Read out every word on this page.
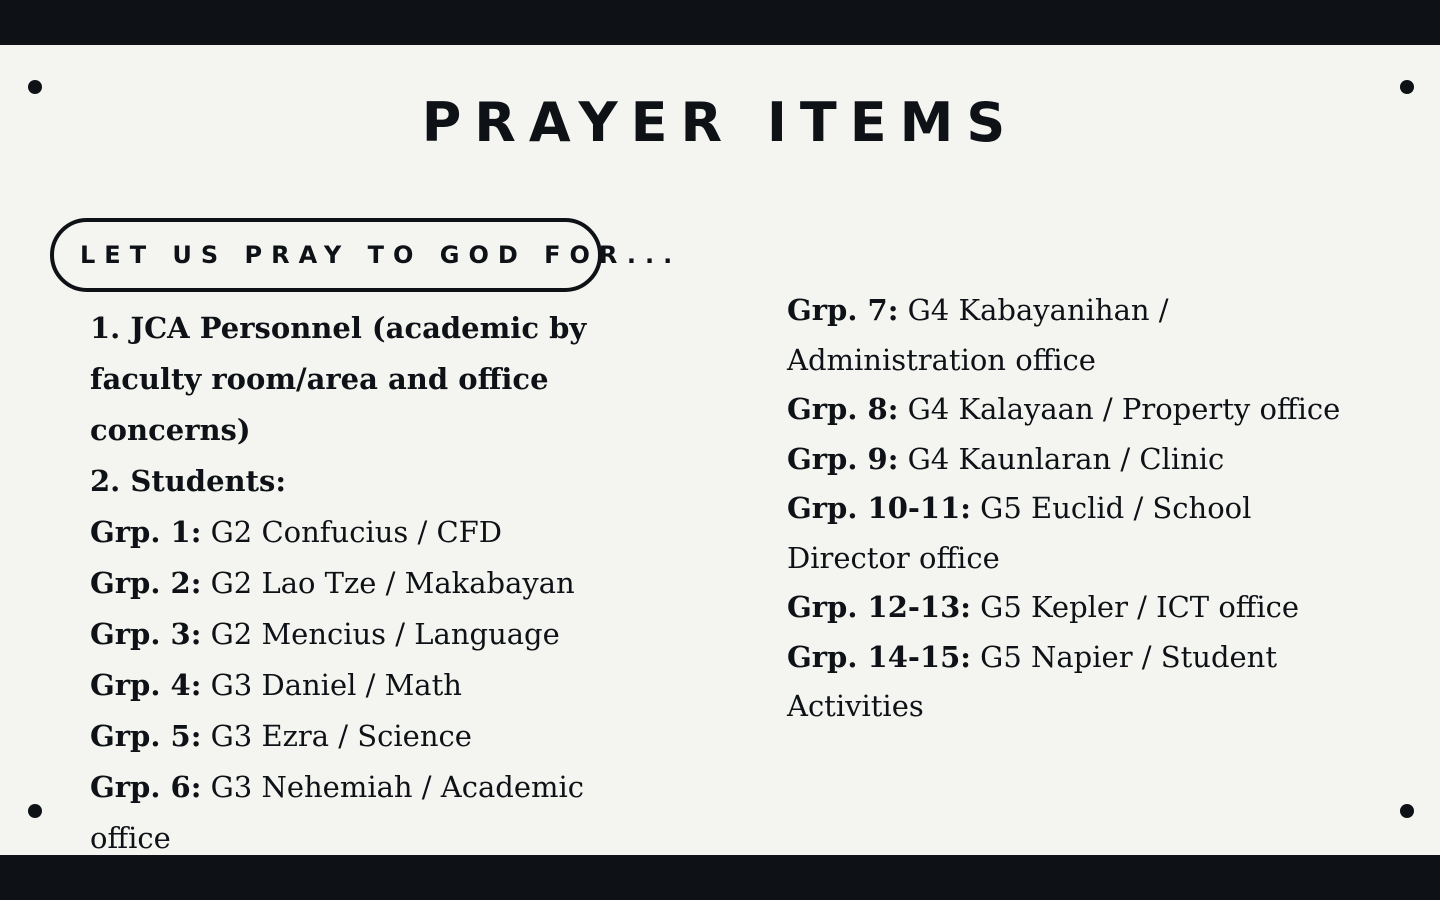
PRAYER ITEMS
LET US PRAY TO GOD FOR...

1. JCA Personnel (academic by faculty room/area and office concerns)

2. Students:

Grp. 1: G2 Confucius / CFD

Grp. 2: G2 Lao Tze / Makabayan

Grp. 3: G2 Mencius / Language

Grp. 4: G3 Daniel / Math

Grp. 5: G3 Ezra / Science

Grp. 6: G3 Nehemiah / Academic office

Grp. 7: G4 Kabayanihan / Administration office

Grp. 8: G4 Kalayaan / Property office

Grp. 9: G4 Kaunlaran / Clinic

Grp. 10-11: G5 Euclid / School Director office

Grp. 12-13: G5 Kepler / ICT office

Grp. 14-15: G5 Napier / Student Activities
